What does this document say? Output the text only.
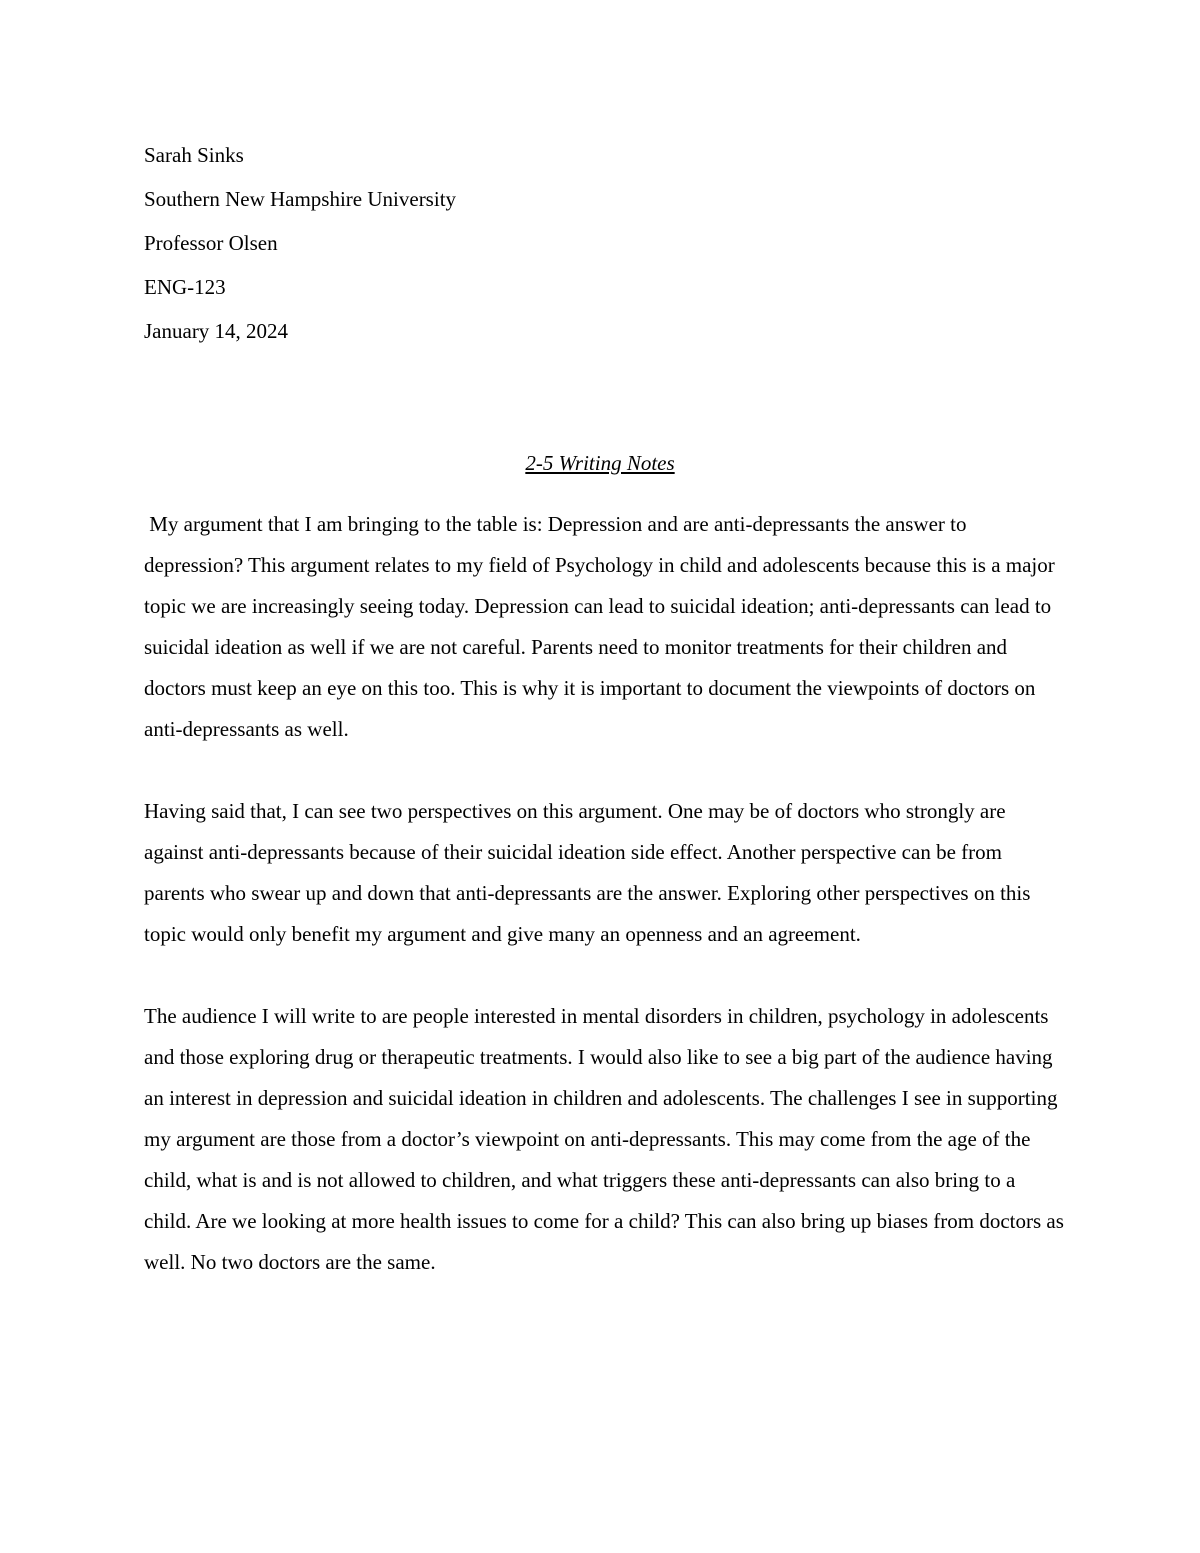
Sarah Sinks
Southern New Hampshire University
Professor Olsen
ENG-123
January 14, 2024
2-5 Writing Notes

My argument that I am bringing to the table is: Depression and are anti-depressants the answer to depression? This argument relates to my field of Psychology in child and adolescents because this is a major topic we are increasingly seeing today. Depression can lead to suicidal ideation; anti-depressants can lead to suicidal ideation as well if we are not careful. Parents need to monitor treatments for their children and doctors must keep an eye on this too. This is why it is important to document the viewpoints of doctors on anti-depressants as well.

Having said that, I can see two perspectives on this argument. One may be of doctors who strongly are against anti-depressants because of their suicidal ideation side effect. Another perspective can be from parents who swear up and down that anti-depressants are the answer. Exploring other perspectives on this topic would only benefit my argument and give many an openness and an agreement.

The audience I will write to are people interested in mental disorders in children, psychology in adolescents and those exploring drug or therapeutic treatments. I would also like to see a big part of the audience having an interest in depression and suicidal ideation in children and adolescents. The challenges I see in supporting my argument are those from a doctor’s viewpoint on anti-depressants. This may come from the age of the child, what is and is not allowed to children, and what triggers these anti-depressants can also bring to a child. Are we looking at more health issues to come for a child? This can also bring up biases from doctors as well. No two doctors are the same.
